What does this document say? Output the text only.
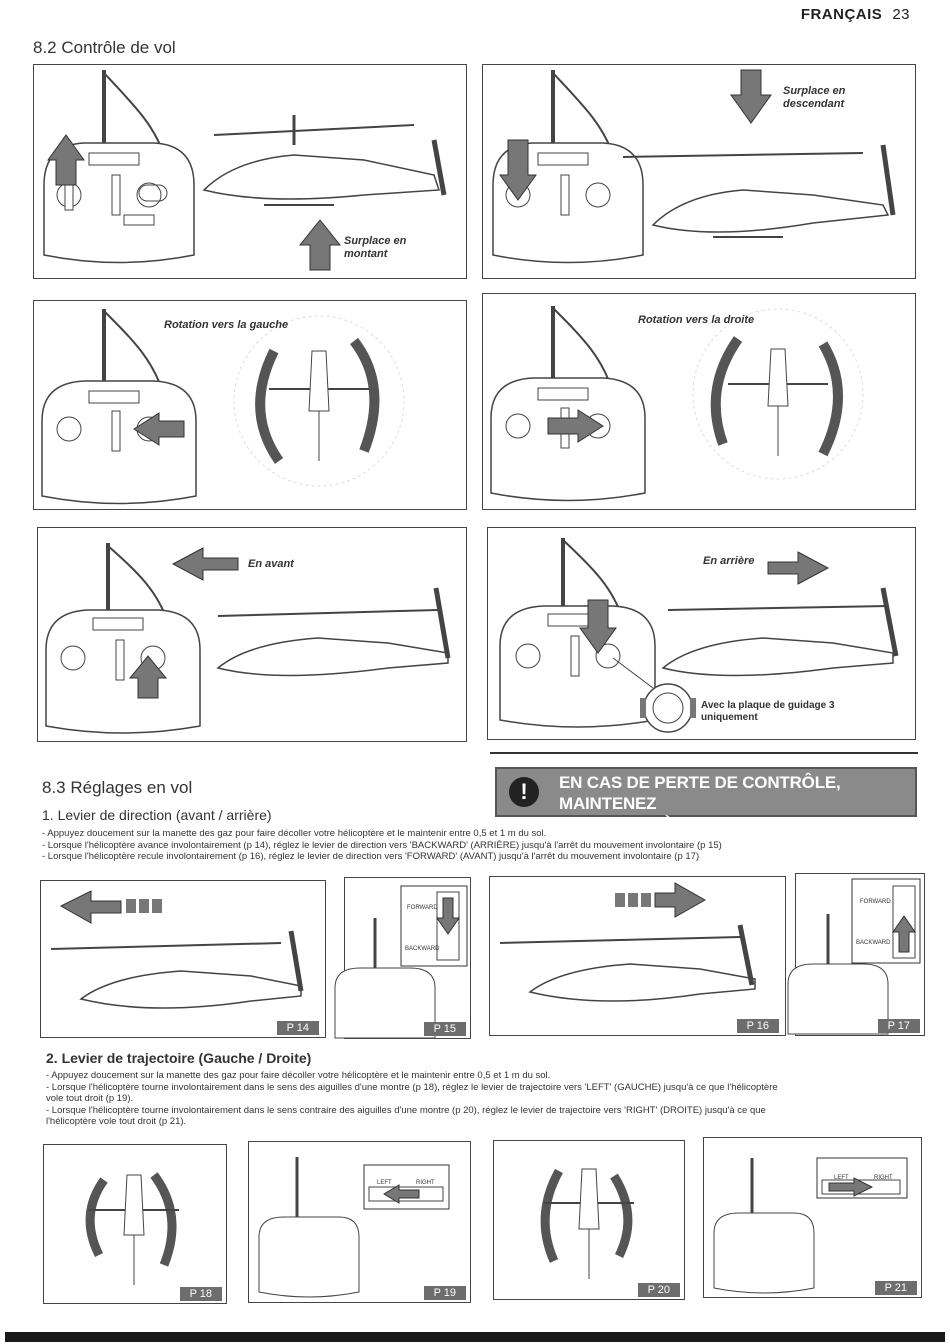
FRANÇAIS 23
8.2 Contrôle de vol
Surplace en montant
Surplace en descendant
Rotation vers la gauche	Rotation vers la droite
En avant	En arrière
Avec la plaque de guidage 3 uniquement
8.3 Réglages en vol	!	EN CAS DE PERTE DE CONTRÔLE, MAINTENEZ
LE MOTEUR À PLEINE PUISSANCE!
1. Levier de direction (avant / arrière)
- Appuyez doucement sur la manette des gaz pour faire décoller votre hélicoptère et le maintenir entre 0,5 et 1 m du sol.
- Lorsque l'hélicoptère avance involontairement (p 14), réglez le levier de direction vers 'BACKWARD' (ARRIÈRE) jusqu'à l'arrêt du mouvement involontaire (p 15)
- Lorsque l'hélicoptère recule involontairement (p 16), réglez le levier de direction vers 'FORWARD' (AVANT) jusqu'à l'arrêt du mouvement involontaire (p 17)
P 14
FORWARD
BACKWARD
P 15	P 16
FORWARD
BACKWARD
P 17
2. Levier de trajectoire (Gauche / Droite)
- Appuyez doucement sur la manette des gaz pour faire décoller votre hélicoptère et le maintenir entre 0,5 et 1 m du sol.
- Lorsque l'hélicoptère tourne involontairement dans le sens des aiguilles d'une montre (p 18), réglez le levier de trajectoire vers 'LEFT' (GAUCHE) jusqu'à ce que l'hélicoptère
vole tout droit (p 19).
- Lorsque l'hélicoptère tourne involontairement dans le sens contraire des aiguilles d'une montre (p 20), réglez le levier de trajectoire vers 'RIGHT' (DROITE) jusqu'à ce que
l'hélicoptère vole tout droit (p 21).
P 18
LEFT	RIGHT
P 19	P 20
LEFT	RIGHT
P 21
